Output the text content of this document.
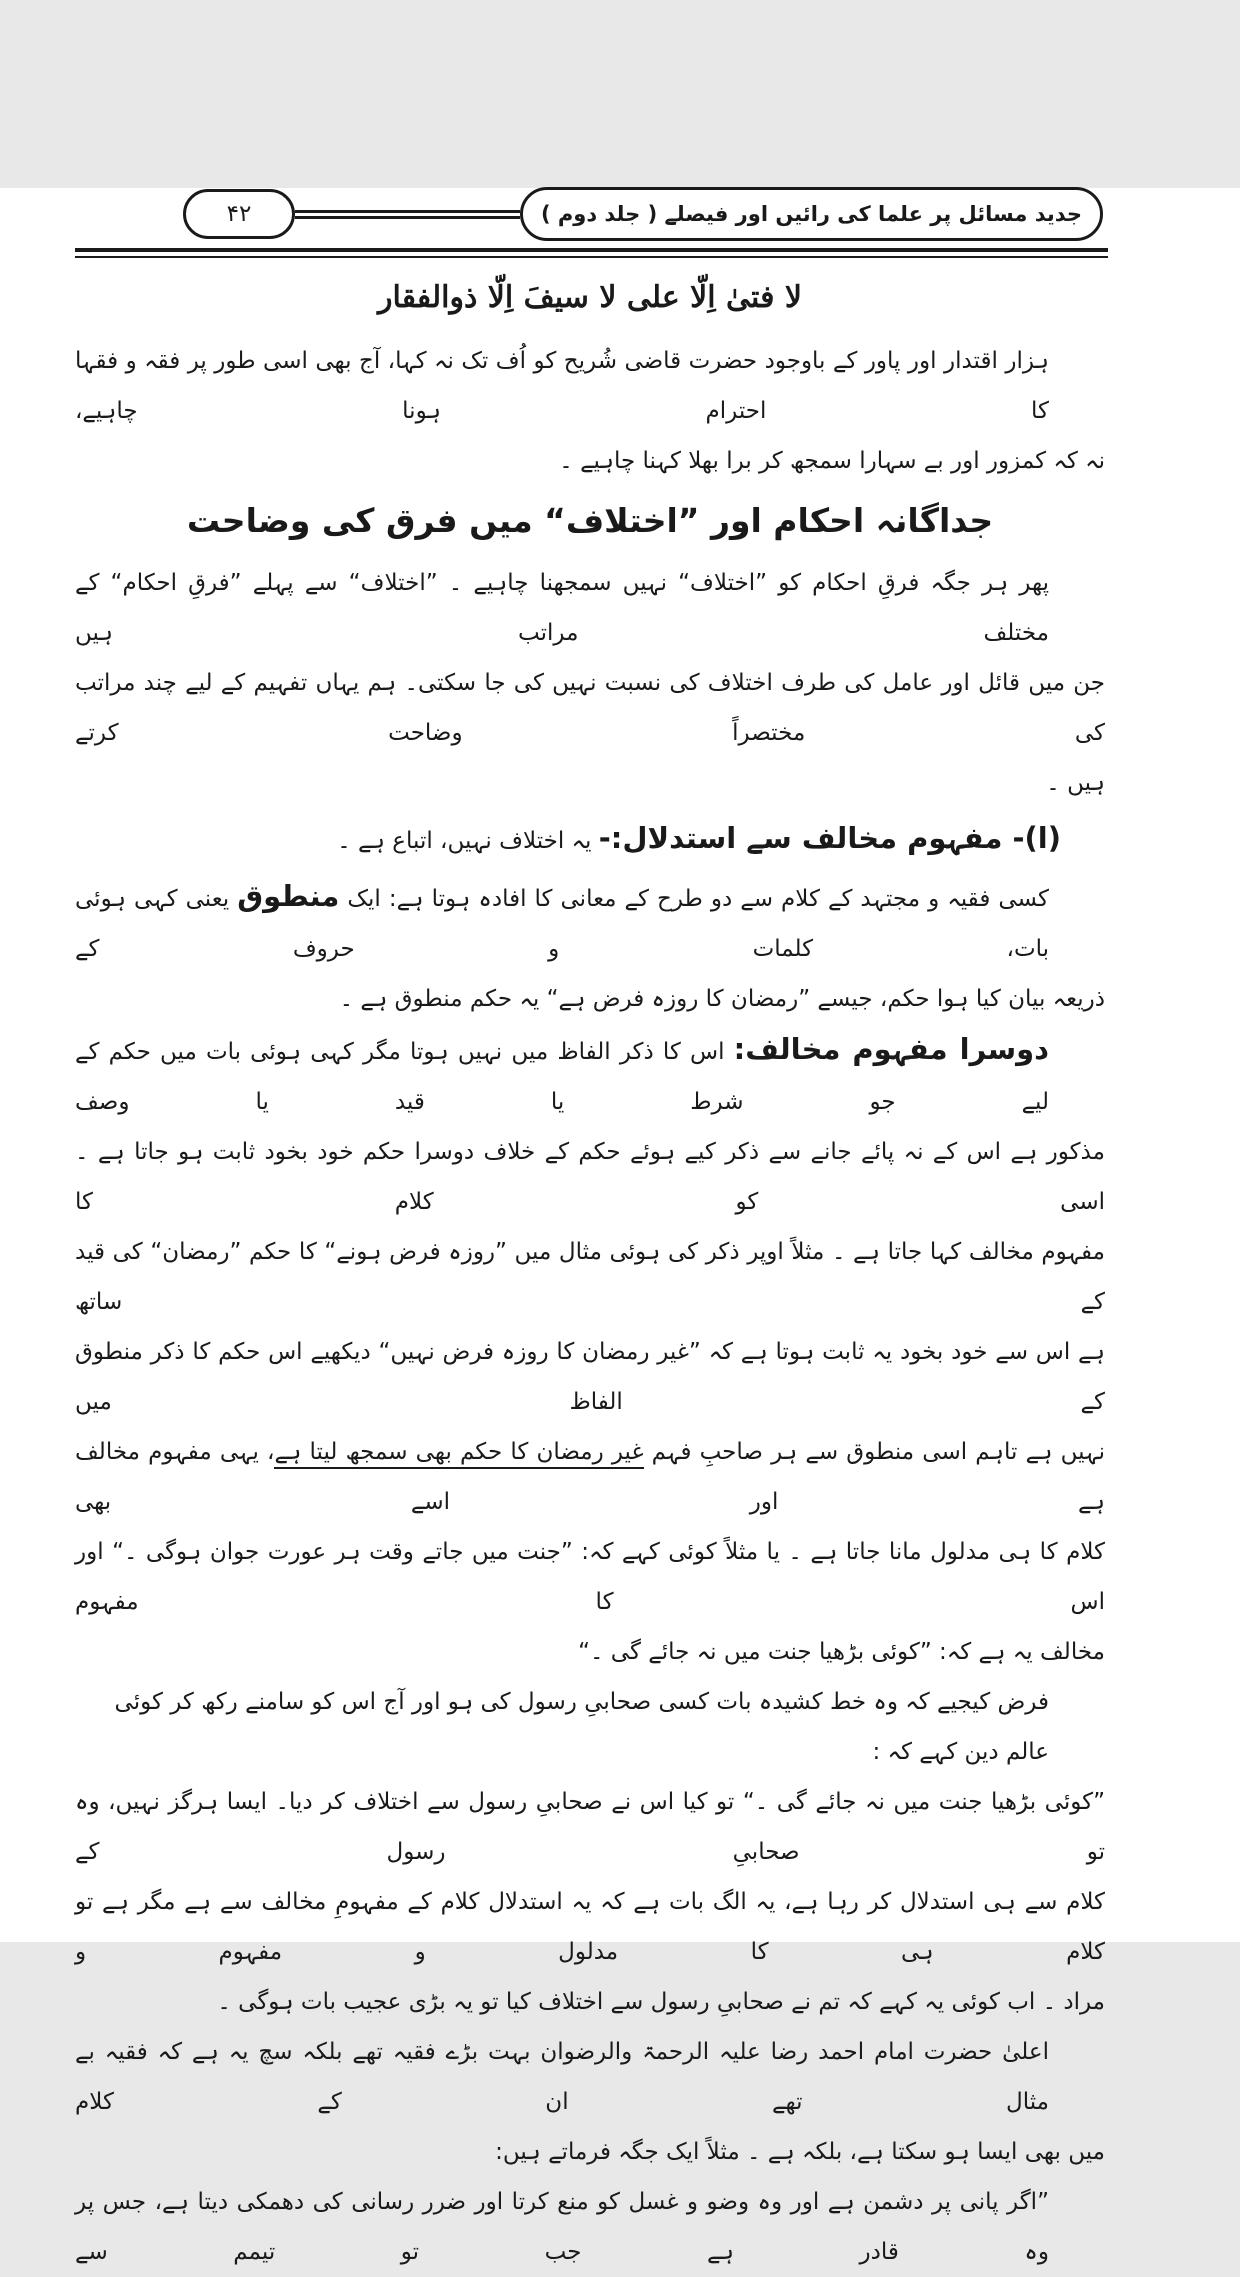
۴۲	جدید مسائل پر علما کی رائیں اور فیصلے ( جلد دوم )
لا فتیٰ اِلّا علی لا سیفَ اِلّا ذوالفقار
ہزار اقتدار اور پاور کے باوجود حضرت قاضی شُریح کو اُف تک نہ کہا، آج بھی اسی طور پر فقہ و فقہا کا احترام ہونا چاہیے،
نہ کہ کمزور اور بے سہارا سمجھ کر برا بھلا کہنا چاہیے ۔
جداگانہ احکام اور ”اختلاف“ میں فرق کی وضاحت
پھر ہر جگہ فرقِ احکام کو ”اختلاف“ نہیں سمجھنا چاہیے ۔ ”اختلاف“ سے پہلے ”فرقِ احکام“ کے مختلف مراتب ہیں
جن میں قائل اور عامل کی طرف اختلاف کی نسبت نہیں کی جا سکتی۔ ہم یہاں تفہیم کے لیے چند مراتب کی مختصراً وضاحت کرتے
ہیں ۔
(ا)- مفہوم مخالف سے استدلال:- یہ اختلاف نہیں، اتباع ہے ۔
کسی فقیہ و مجتہد کے کلام سے دو طرح کے معانی کا افادہ ہوتا ہے: ایک منطوق یعنی کہی ہوئی بات، کلمات و حروف کے
ذریعہ بیان کیا ہوا حکم، جیسے ”رمضان کا روزہ فرض ہے“ یہ حکم منطوق ہے ۔
دوسرا مفہوم مخالف: اس کا ذکر الفاظ میں نہیں ہوتا مگر کہی ہوئی بات میں حکم کے لیے جو شرط یا قید یا وصف
مذکور ہے اس کے نہ پائے جانے سے ذکر کیے ہوئے حکم کے خلاف دوسرا حکم خود بخود ثابت ہو جاتا ہے ۔ اسی کو کلام کا
مفہوم مخالف کہا جاتا ہے ۔ مثلاً اوپر ذکر کی ہوئی مثال میں ”روزہ فرض ہونے“ کا حکم ”رمضان“ کی قید کے ساتھ
ہے اس سے خود بخود یہ ثابت ہوتا ہے کہ ”غیر رمضان کا روزہ فرض نہیں“ دیکھیے اس حکم کا ذکر منطوق کے الفاظ میں
نہیں ہے تاہم اسی منطوق سے ہر صاحبِ فہم غیر رمضان کا حکم بھی سمجھ لیتا ہے، یہی مفہوم مخالف ہے اور اسے بھی
کلام کا ہی مدلول مانا جاتا ہے ۔ یا مثلاً کوئی کہے کہ: ”جنت میں جاتے وقت ہر عورت جوان ہوگی ۔“ اور اس کا مفہوم
مخالف یہ ہے کہ: ”کوئی بڑھیا جنت میں نہ جائے گی ۔“
فرض کیجیے کہ وہ خط کشیدہ بات کسی صحابیِ رسول کی ہو اور آج اس کو سامنے رکھ کر کوئی عالم دین کہے کہ :
”کوئی بڑھیا جنت میں نہ جائے گی ۔“ تو کیا اس نے صحابیِ رسول سے اختلاف کر دیا۔ ایسا ہرگز نہیں، وہ تو صحابیِ رسول کے
کلام سے ہی استدلال کر رہا ہے، یہ الگ بات ہے کہ یہ استدلال کلام کے مفہومِ مخالف سے ہے مگر ہے تو کلام ہی کا مدلول و مفہوم و
مراد ۔ اب کوئی یہ کہے کہ تم نے صحابیِ رسول سے اختلاف کیا تو یہ بڑی عجیب بات ہوگی ۔
اعلیٰ حضرت امام احمد رضا علیہ الرحمۃ والرضوان بہت بڑے فقیہ تھے بلکہ سچ یہ ہے کہ فقیہ بے مثال تھے ان کے کلام
میں بھی ایسا ہو سکتا ہے، بلکہ ہے ۔ مثلاً ایک جگہ فرماتے ہیں:
”اگر پانی پر دشمن ہے اور وہ وضو و غسل کو منع کرتا اور ضرر رسانی کی دھمکی دیتا ہے، جس پر وہ قادر ہے جب تو تیمم سے
